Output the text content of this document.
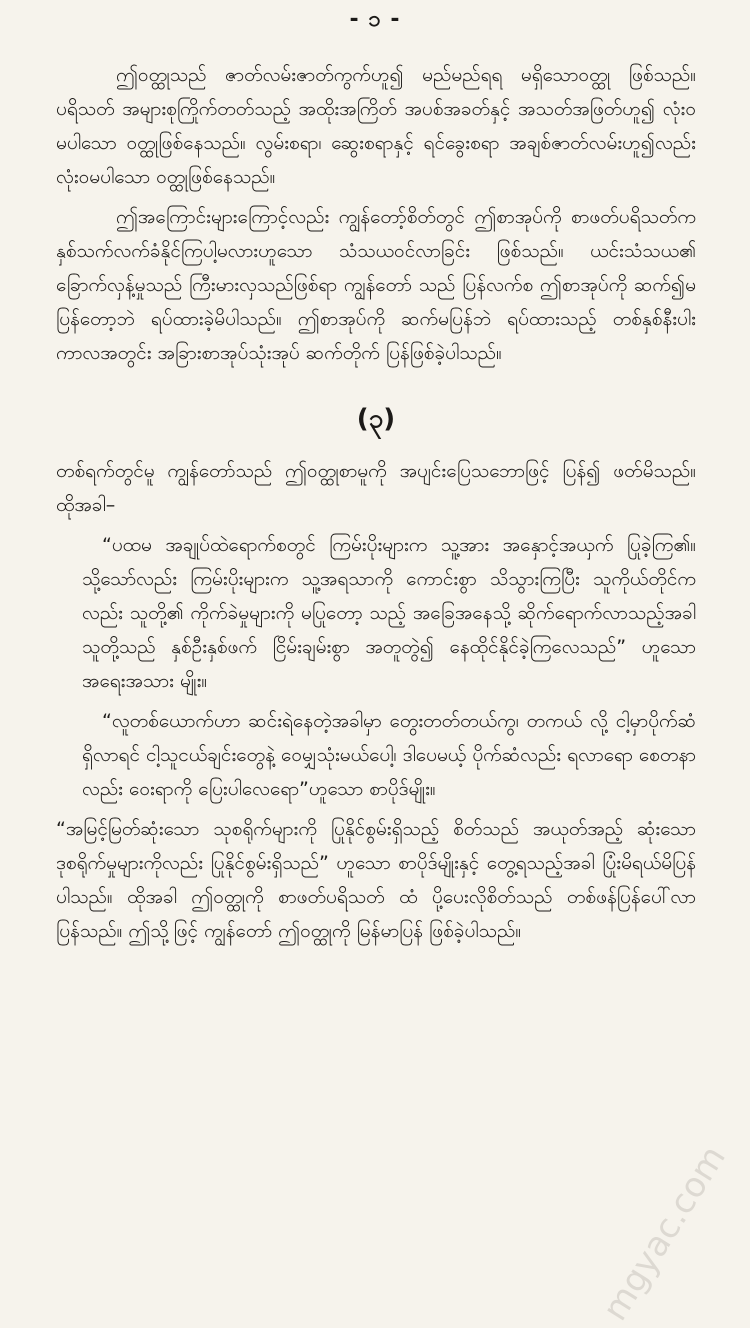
- ၁ -

ဤဝတ္ထုသည် ဇာတ်လမ်းဇာတ်ကွက်ဟူ၍ မည်မည်ရရ မရှိသောဝတ္ထု ဖြစ်သည်။ ပရိသတ် အများစုကြိုက်တတ်သည့် အထိုးအကြိတ် အပစ်အခတ်နှင့် အသတ်အဖြတ်ဟူ၍ လုံးဝမပါသော ဝတ္ထုဖြစ်နေသည်။ လွမ်းစရာ၊ ဆွေးစရာနှင့် ရင်ခွေးစရာ အချစ်ဇာတ်လမ်းဟူ၍လည်း လုံးဝမပါသော ဝတ္ထုဖြစ်နေသည်။

ဤအကြောင်းများကြောင့်လည်း ကျွန်တော့်စိတ်တွင် ဤစာအုပ်ကို စာဖတ်ပရိသတ်က နှစ်သက်လက်ခံနိုင်ကြပါ့မလားဟူသော သံသယဝင်လာခြင်း ဖြစ်သည်။ ယင်းသံသယ၏ ခြောက်လှန့်မှုသည် ကြီးမားလှသည်ဖြစ်ရာ ကျွန်တော် သည် ပြန်လက်စ ဤစာအုပ်ကို ဆက်၍မပြန်တော့ဘဲ ရပ်ထားခဲ့မိပါသည်။ ဤစာအုပ်ကို ဆက်မပြန်ဘဲ ရပ်ထားသည့် တစ်နှစ်နီးပါး ကာလအတွင်း အခြားစာအုပ်သုံးအုပ် ဆက်တိုက် ပြန်ဖြစ်ခဲ့ပါသည်။

(၃)

တစ်ရက်တွင်မူ ကျွန်တော်သည် ဤဝတ္ထုစာမူကို အပျင်းပြေသဘောဖြင့် ပြန်၍ ဖတ်မိသည်။ ထိုအခါ–

“ပထမ အချုပ်ထဲရောက်စတွင် ကြမ်းပိုးများက သူ့အား အနှောင့်အယှက် ပြုခဲ့ကြ၏။ သို့သော်လည်း ကြမ်းပိုးများက သူ့အရသာကို ကောင်းစွာ သိသွားကြပြီး သူကိုယ်တိုင်ကလည်း သူတို့၏ ကိုက်ခဲမှုများကို မပြုတော့ သည့် အခြေအနေသို့ ဆိုက်ရောက်လာသည့်အခါ သူတို့သည် နှစ်ဦးနှစ်ဖက် ငြိမ်းချမ်းစွာ အတူတွဲ၍ နေထိုင်နိုင်ခဲ့ကြလေသည်” ဟူသော အရေးအသား မျိုး။

“လူတစ်ယောက်ဟာ ဆင်းရဲနေတဲ့အခါမှာ တွေးတတ်တယ်ကွ၊ တကယ် လို့ ငါ့မှာပိုက်ဆံရှိလာရင် ငါ့သူငယ်ချင်းတွေနဲ့ ဝေမျှသုံးမယ်ပေါ့၊ ဒါပေမယ့် ပိုက်ဆံလည်း ရလာရော စေတနာလည်း ဝေးရာကို ပြေးပါလေရော”ဟူသော စာပိုဒ်မျိုး။

“အမြင့်မြတ်ဆုံးသော သုစရိုက်များကို ပြုနိုင်စွမ်းရှိသည့် စိတ်သည် အယုတ်အည့် ဆုံးသော ဒုစရိုက်မှုများကိုလည်း ပြုနိုင်စွမ်းရှိသည်” ဟူသော စာပိုဒ်မျိုးနှင့် တွေ့ရသည့်အခါ ပြုံးမိရယ်မိပြန်ပါသည်။ ထိုအခါ ဤဝတ္ထုကို စာဖတ်ပရိသတ် ထံ ပို့ပေးလိုစိတ်သည် တစ်ဖန်ပြန်ပေါ်လာပြန်သည်။ ဤသို့ဖြင့် ကျွန်တော် ဤဝတ္ထုကို မြန်မာပြန် ဖြစ်ခဲ့ပါသည်။

mgyac.com
